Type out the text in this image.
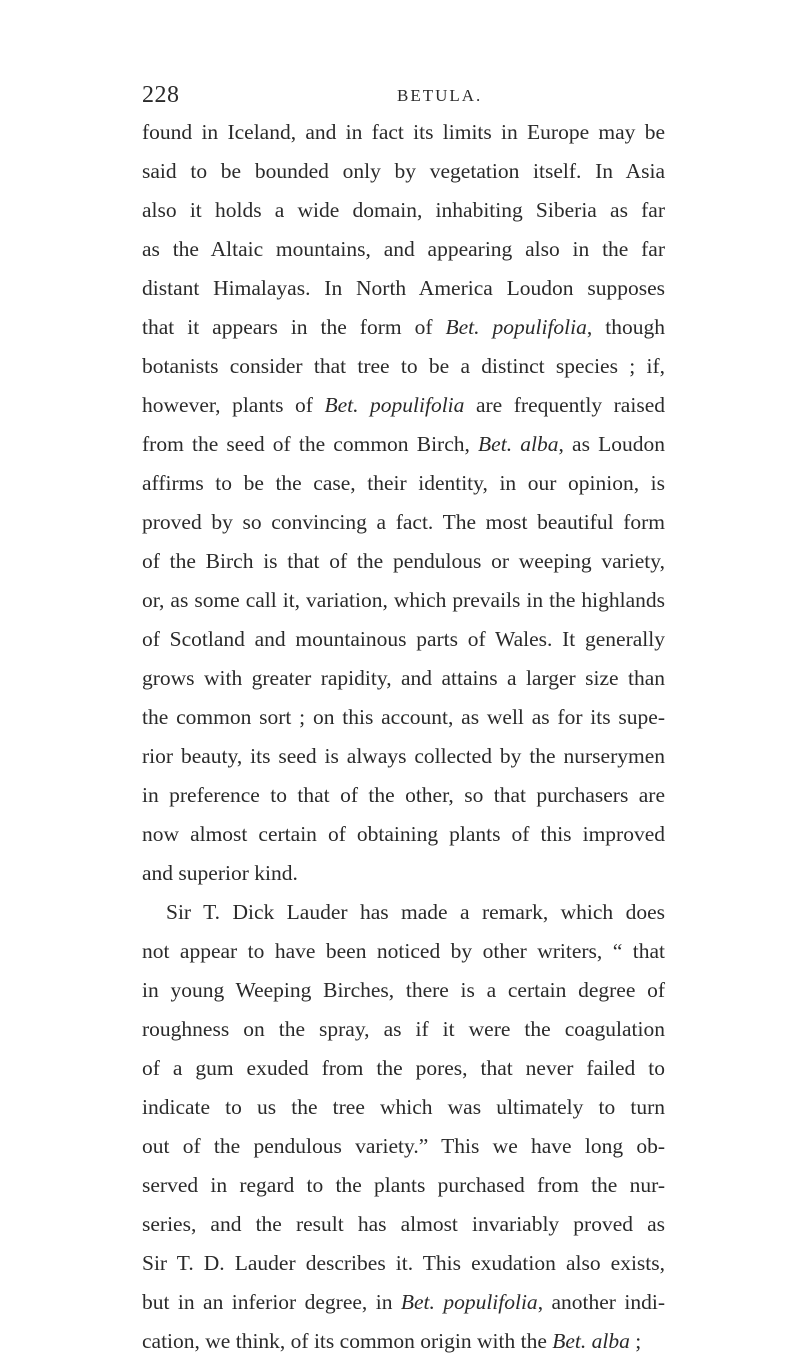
228	BETULA.
found in Iceland, and in fact its limits in Europe may be
said to be bounded only by vegetation itself. In Asia
also it holds a wide domain, inhabiting Siberia as far
as the Altaic mountains, and appearing also in the far
distant Himalayas. In North America Loudon supposes
that it appears in the form of Bet. populifolia, though
botanists consider that tree to be a distinct species ; if,
however, plants of Bet. populifolia are frequently raised
from the seed of the common Birch, Bet. alba, as Loudon
affirms to be the case, their identity, in our opinion, is
proved by so convincing a fact. The most beautiful form
of the Birch is that of the pendulous or weeping variety,
or, as some call it, variation, which prevails in the highlands
of Scotland and mountainous parts of Wales. It generally
grows with greater rapidity, and attains a larger size than
the common sort ; on this account, as well as for its supe-
rior beauty, its seed is always collected by the nurserymen
in preference to that of the other, so that purchasers are
now almost certain of obtaining plants of this improved
and superior kind.
Sir T. Dick Lauder has made a remark, which does
not appear to have been noticed by other writers, “ that
in young Weeping Birches, there is a certain degree of
roughness on the spray, as if it were the coagulation
of a gum exuded from the pores, that never failed to
indicate to us the tree which was ultimately to turn
out of the pendulous variety.” This we have long ob-
served in regard to the plants purchased from the nur-
series, and the result has almost invariably proved as
Sir T. D. Lauder describes it. This exudation also exists,
but in an inferior degree, in Bet. populifolia, another indi-
cation, we think, of its common origin with the Bet. alba ;
